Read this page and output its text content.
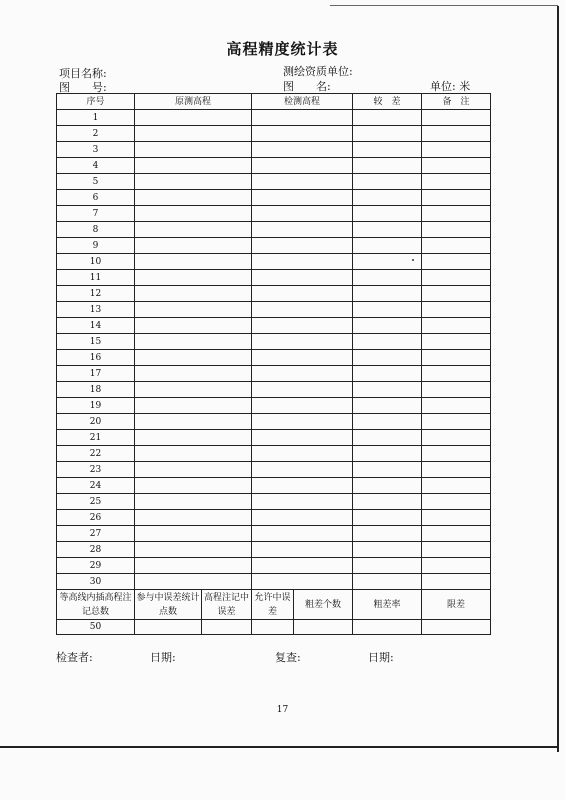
高程精度统计表
项目名称:	测绘资质单位:
图　　号:	图　　名:	单位: 米
序号	原测高程	检测高程	较　差	备　注
1				
2				
3				
4				
5				
6				
7				
8				
9				
10				
11				
12				
13				
14				
15				
16				
17				
18				
19				
20				
21				
22				
23				
24				
25				
26				
27				
28				
29				
30				
等高线内插高程注记总数	参与中误差统计点数	高程注记中误差	允许中误差	粗差个数	粗差率	限差
50						
检查者:	日期:	复查:	日期:
17
